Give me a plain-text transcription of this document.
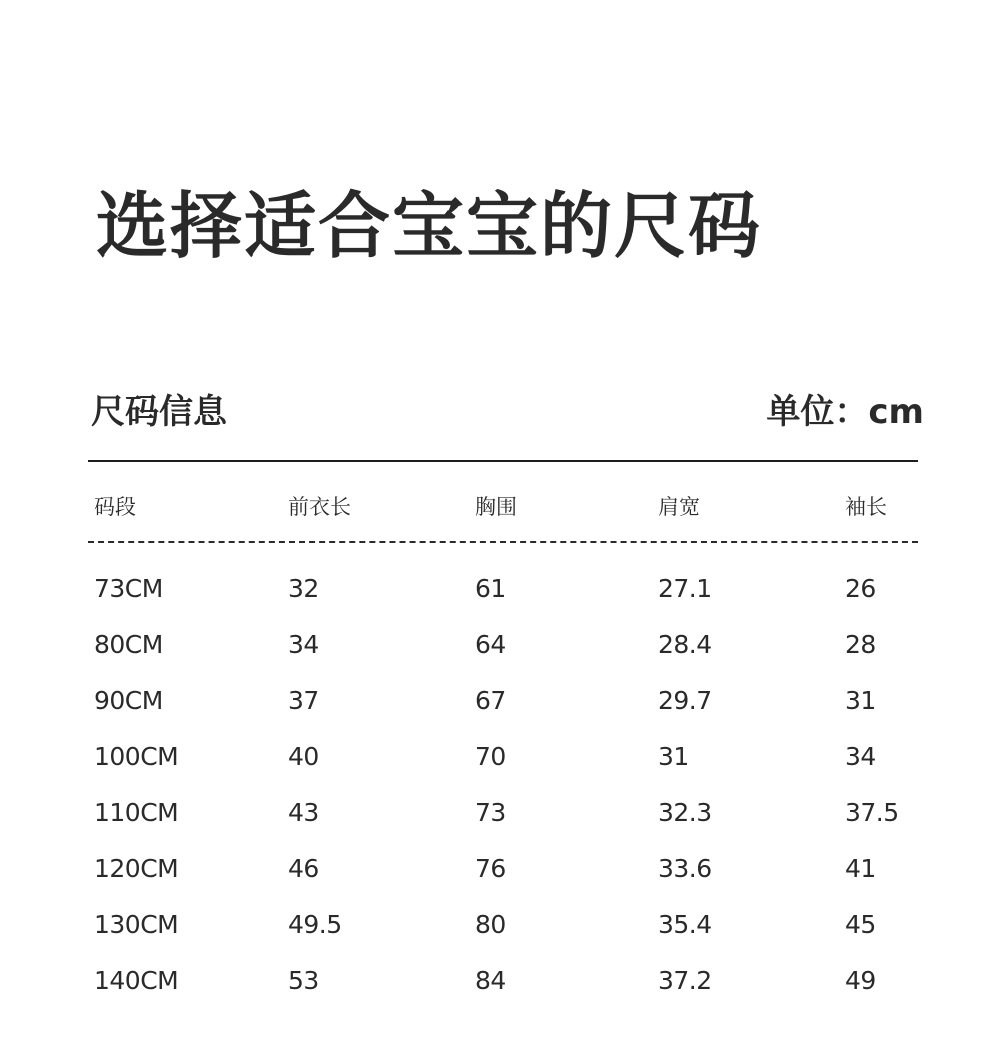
选择适合宝宝的尺码
尺码信息	单位：cm
码段	前衣长	胸围	肩宽	袖长
73CM	32	61	27.1	26
80CM	34	64	28.4	28
90CM	37	67	29.7	31
100CM	40	70	31	34
110CM	43	73	32.3	37.5
120CM	46	76	33.6	41
130CM	49.5	80	35.4	45
140CM	53	84	37.2	49
